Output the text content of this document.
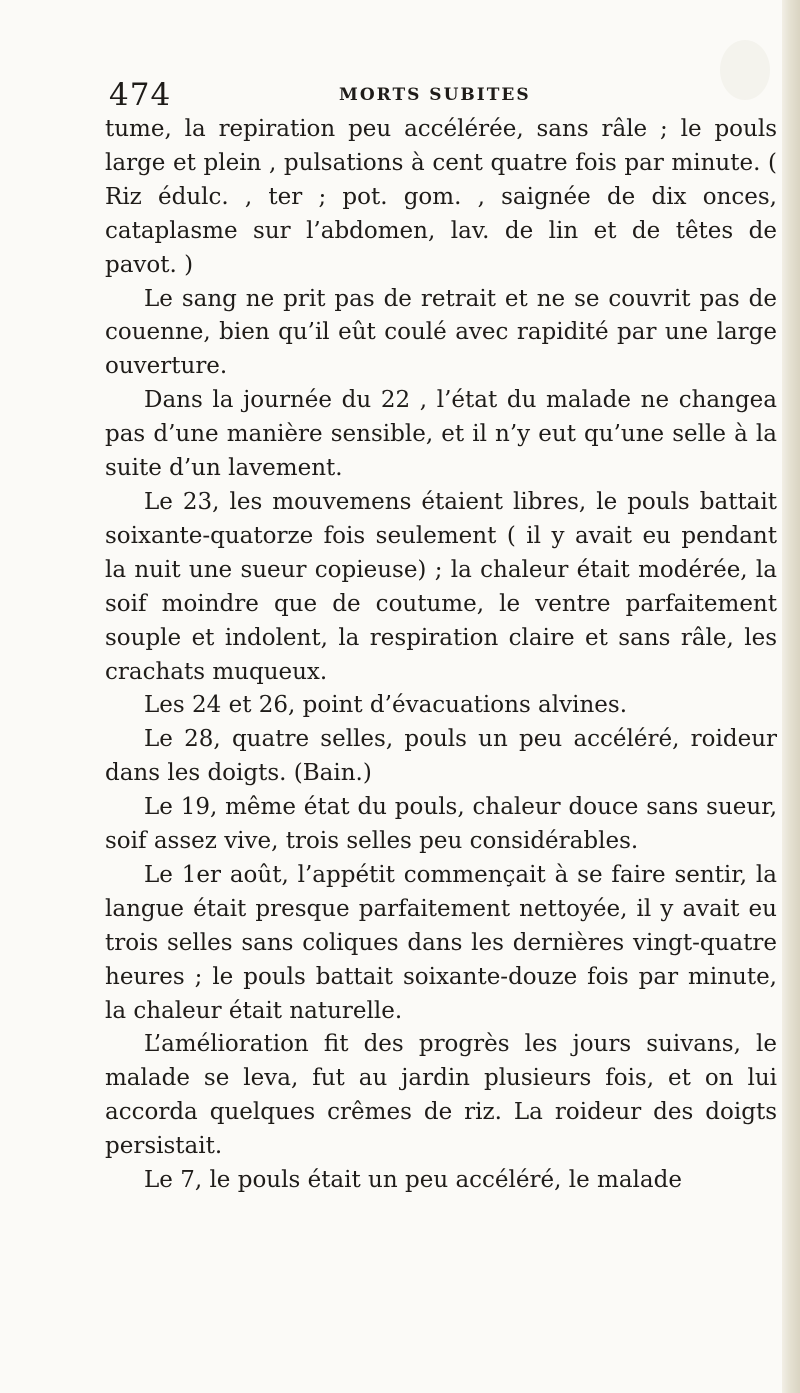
474	MORTS SUBITES

tume, la repiration peu accélérée, sans râle ; le pouls large et plein , pulsations à cent quatre fois par minute. ( Riz édulc. , ter ; pot. gom. , saignée de dix onces, cataplasme sur l’abdomen, lav. de lin et de têtes de pavot. )

Le sang ne prit pas de retrait et ne se couvrit pas de couenne, bien qu’il eût coulé avec rapidité par une large ouverture.

Dans la journée du 22 , l’état du malade ne changea pas d’une manière sensible, et il n’y eut qu’une selle à la suite d’un lavement.

Le 23, les mouvemens étaient libres, le pouls battait soixante-quatorze fois seulement ( il y avait eu pendant la nuit une sueur copieuse) ; la chaleur était modérée, la soif moindre que de coutume, le ventre parfaitement souple et indolent, la respiration claire et sans râle, les crachats muqueux.

Les 24 et 26, point d’évacuations alvines.

Le 28, quatre selles, pouls un peu accéléré, roideur dans les doigts. (Bain.)

Le 19, même état du pouls, chaleur douce sans sueur, soif assez vive, trois selles peu considérables.

Le 1er août, l’appétit commençait à se faire sentir, la langue était presque parfaitement nettoyée, il y avait eu trois selles sans coliques dans les dernières vingt-quatre heures ; le pouls battait soixante-douze fois par minute, la chaleur était naturelle.

L’amélioration fit des progrès les jours suivans, le malade se leva, fut au jardin plusieurs fois, et on lui accorda quelques crêmes de riz. La roideur des doigts persistait.

Le 7, le pouls était un peu accéléré, le malade
